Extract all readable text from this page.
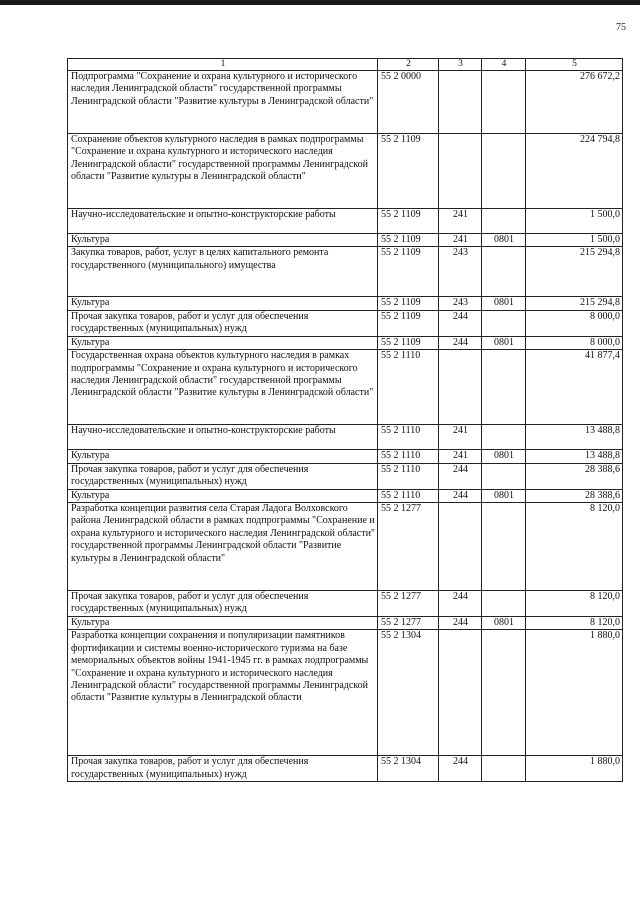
75
1	2	3	4	5
Подпрограмма "Сохранение и охрана культурного и исторического наследия Ленинградской области" государственной программы Ленинградской области "Развитие культуры в Ленинградской области"	55 2 0000			276 672,2
Сохранение объектов культурного наследия в рамках подпрограммы "Сохранение и охрана культурного и исторического наследия Ленинградской области" государственной программы Ленинградской области "Развитие культуры в Ленинградской области"	55 2 1109			224 794,8
Научно-исследовательские и опытно-конструкторские работы	55 2 1109	241		1 500,0
Культура	55 2 1109	241	0801	1 500,0
Закупка товаров, работ, услуг в целях капитального ремонта государственного (муниципального) имущества	55 2 1109	243		215 294,8
Культура	55 2 1109	243	0801	215 294,8
Прочая закупка товаров, работ и услуг для обеспечения государственных (муниципальных) нужд	55 2 1109	244		8 000,0
Культура	55 2 1109	244	0801	8 000,0
Государственная охрана объектов культурного наследия в рамках подпрограммы "Сохранение и охрана культурного и исторического наследия Ленинградской области" государственной программы Ленинградской области "Развитие культуры в Ленинградской области"	55 2 1110			41 877,4
Научно-исследовательские и опытно-конструкторские работы	55 2 1110	241		13 488,8
Культура	55 2 1110	241	0801	13 488,8
Прочая закупка товаров, работ и услуг для обеспечения государственных (муниципальных) нужд	55 2 1110	244		28 388,6
Культура	55 2 1110	244	0801	28 388,6
Разработка концепции развития села Старая Ладога Волховского района Ленинградской области в рамках подпрограммы "Сохранение и охрана культурного и исторического наследия Ленинградской области" государственной программы Ленинградской области "Развитие культуры в Ленинградской области"	55 2 1277			8 120,0
Прочая закупка товаров, работ и услуг для обеспечения государственных (муниципальных) нужд	55 2 1277	244		8 120,0
Культура	55 2 1277	244	0801	8 120,0
Разработка концепции сохранения и популяризации памятников фортификации и системы военно-исторического туризма на базе мемориальных объектов войны 1941-1945 гг. в рамках подпрограммы "Сохранение и охрана культурного и исторического наследия Ленинградской области" государственной программы Ленинградской области "Развитие культуры в Ленинградской области	55 2 1304			1 880,0
Прочая закупка товаров, работ и услуг для обеспечения государственных (муниципальных) нужд	55 2 1304	244		1 880,0
